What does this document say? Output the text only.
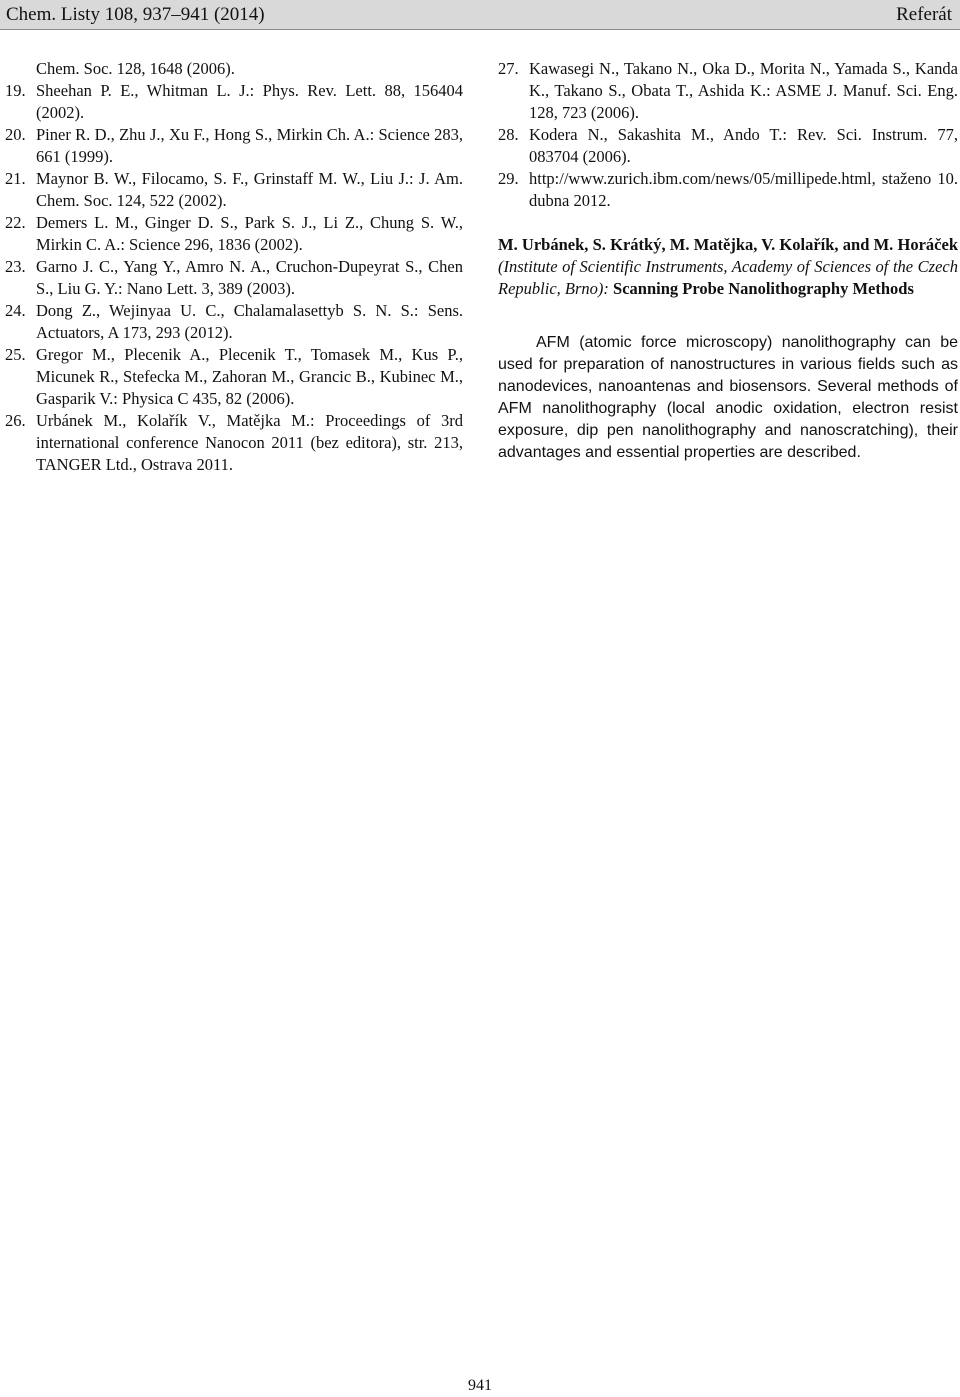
Chem. Listy 108, 937–941 (2014)	Referát
Chem. Soc. 128, 1648 (2006).
19. Sheehan P. E., Whitman L. J.: Phys. Rev. Lett. 88, 156404 (2002).
20. Piner R. D., Zhu J., Xu F., Hong S., Mirkin Ch. A.: Science 283, 661 (1999).
21. Maynor B. W., Filocamo, S. F., Grinstaff M. W., Liu J.: J. Am. Chem. Soc. 124, 522 (2002).
22. Demers L. M., Ginger D. S., Park S. J., Li Z., Chung S. W., Mirkin C. A.: Science 296, 1836 (2002).
23. Garno J. C., Yang Y., Amro N. A., Cruchon-Dupeyrat S., Chen S., Liu G. Y.: Nano Lett. 3, 389 (2003).
24. Dong Z., Wejinyaa U. C., Chalamalasettyb S. N. S.: Sens. Actuators, A 173, 293 (2012).
25. Gregor M., Plecenik A., Plecenik T., Tomasek M., Kus P., Micunek R., Stefecka M., Zahoran M., Grancic B., Kubinec M., Gasparik V.: Physica C 435, 82 (2006).
26. Urbánek M., Kolařík V., Matějka M.: Proceedings of 3rd international conference Nanocon 2011 (bez editora), str. 213, TANGER Ltd., Ostrava 2011.
27. Kawasegi N., Takano N., Oka D., Morita N., Yamada S., Kanda K., Takano S., Obata T., Ashida K.: ASME J. Manuf. Sci. Eng. 128, 723 (2006).
28. Kodera N., Sakashita M., Ando T.: Rev. Sci. Instrum. 77, 083704 (2006).
29. http://www.zurich.ibm.com/news/05/millipede.html, staženo 10. dubna 2012.
M. Urbánek, S. Krátký, M. Matějka, V. Kolařík, and M. Horáček (Institute of Scientific Instruments, Academy of Sciences of the Czech Republic, Brno): Scanning Probe Nanolithography Methods
AFM (atomic force microscopy) nanolithography can be used for preparation of nanostructures in various fields such as nanodevices, nanoantenas and biosensors. Several methods of AFM nanolithography (local anodic oxidation, electron resist exposure, dip pen nanolithography and nanoscratching), their advantages and essential properties are described.
941
